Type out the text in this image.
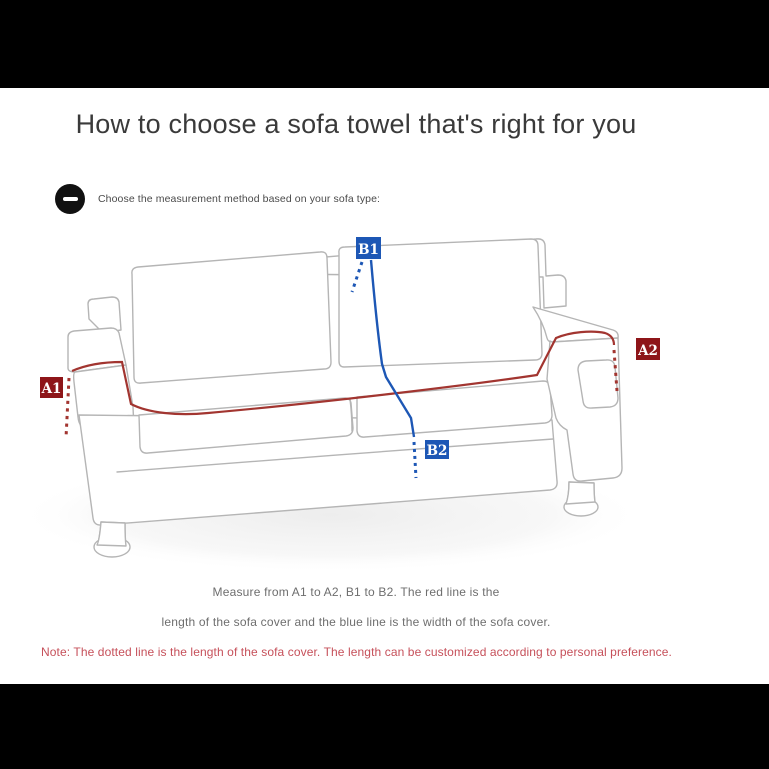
How to choose a sofa towel that's right for you
Choose the measurement method based on your sofa type:
A1
A2
B1
B2
Measure from A1 to A2, B1 to B2. The red line is the
length of the sofa cover and the blue line is the width of the sofa cover.
Note: The dotted line is the length of the sofa cover. The length can be customized according to personal preference.
